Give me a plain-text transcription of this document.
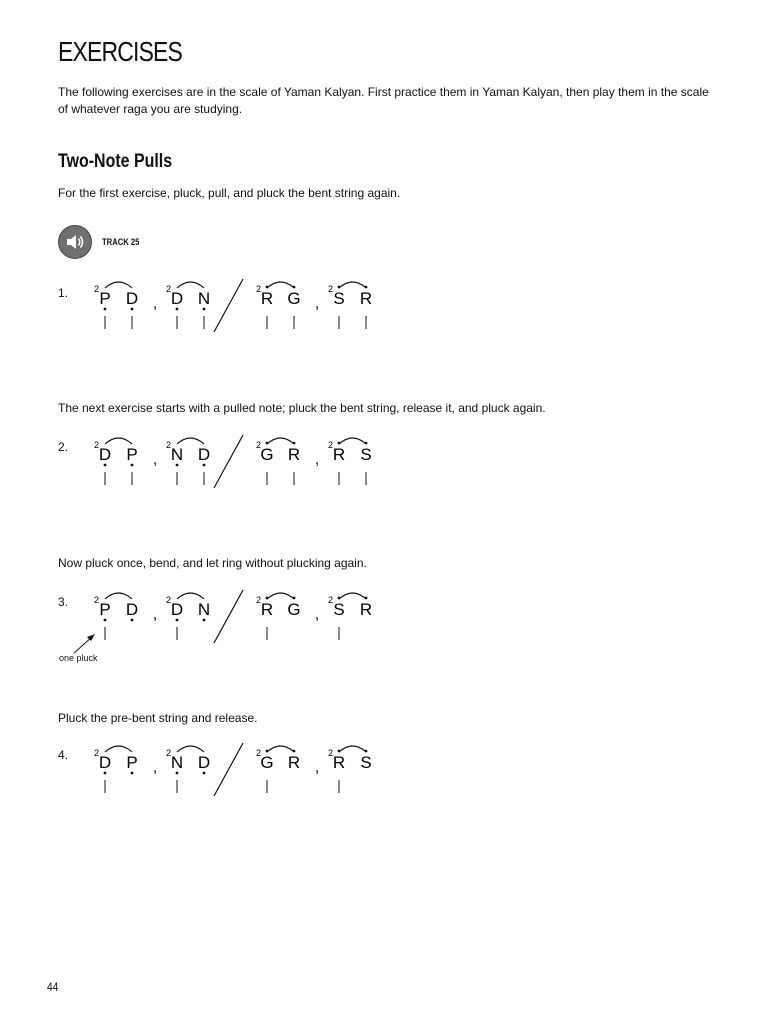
EXERCISES

The following exercises are in the scale of Yaman Kalyan. First practice them in Yaman Kalyan, then play them in the scale of whatever raga you are studying.

Two-Note Pulls

For the first exercise, pluck, pull, and pluck the bent string again.

TRACK 25
1.	2 P D ,
2 D N	2 R G ,
2 S R

The next exercise starts with a pulled note; pluck the bent string, release it, and pluck again.

2.	2 D P ,
2 N D	2 G R ,
2 R S

Now pluck once, bend, and let ring without plucking again.

3.	2 P D ,
2 D N	2 R G ,
2 S R
one pluck

Pluck the pre-bent string and release.

4.	2 D P ,
2 N D	2 G R ,
2 R S
44
